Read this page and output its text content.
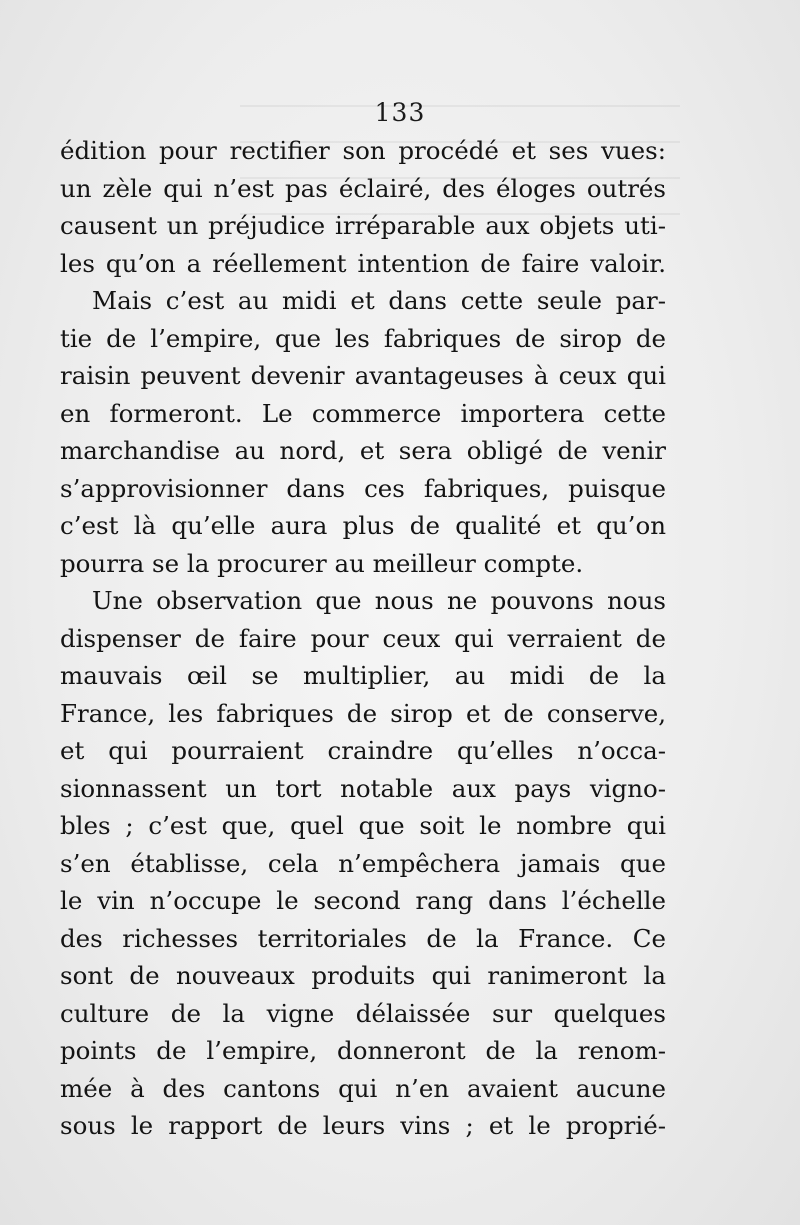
133
édition pour rectifier son procédé et ses vues:
un zèle qui n’est pas éclairé, des éloges outrés
causent un préjudice irréparable aux objets uti-
les qu’on a réellement intention de faire valoir.
Mais c’est au midi et dans cette seule par-
tie de l’empire, que les fabriques de sirop de
raisin peuvent devenir avantageuses à ceux qui
en formeront. Le commerce importera cette
marchandise au nord, et sera obligé de venir
s’approvisionner dans ces fabriques, puisque
c’est là qu’elle aura plus de qualité et qu’on
pourra se la procurer au meilleur compte.
Une observation que nous ne pouvons nous
dispenser de faire pour ceux qui verraient de
mauvais œil se multiplier, au midi de la
France, les fabriques de sirop et de conserve,
et qui pourraient craindre qu’elles n’occa-
sionnassent un tort notable aux pays vigno-
bles ; c’est que, quel que soit le nombre qui
s’en établisse, cela n’empêchera jamais que
le vin n’occupe le second rang dans l’échelle
des richesses territoriales de la France. Ce
sont de nouveaux produits qui ranimeront la
culture de la vigne délaissée sur quelques
points de l’empire, donneront de la renom-
mée à des cantons qui n’en avaient aucune
sous le rapport de leurs vins ; et le proprié-
